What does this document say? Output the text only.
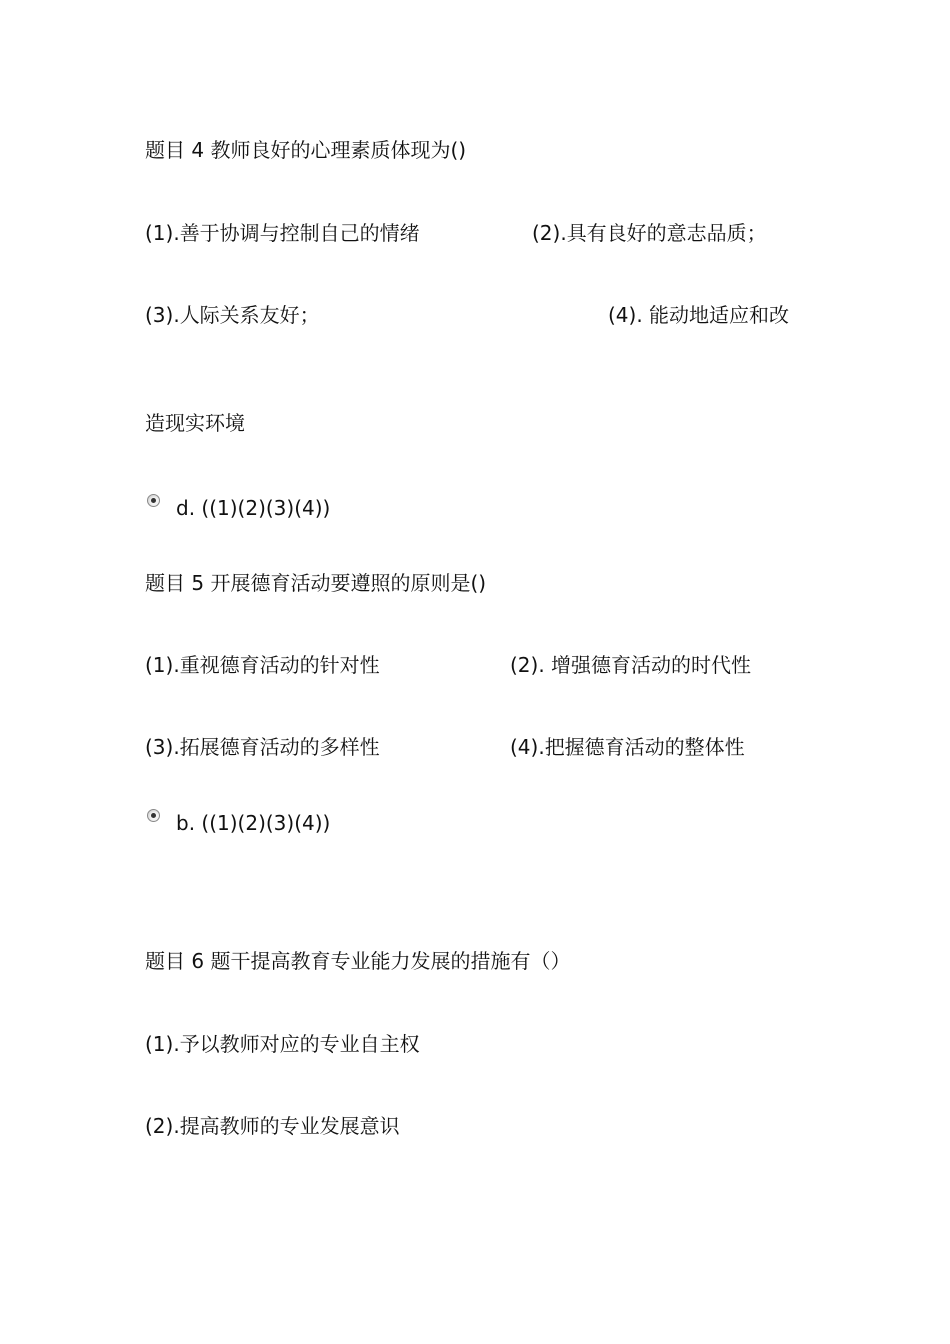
题目 4 教师良好的心理素质体现为()
(1).善于协调与控制自己的情绪	(2).具有良好的意志品质；
(3).人际关系友好；	(4). 能动地适应和改
造现实环境
d. ((1)(2)(3)(4))
题目 5 开展德育活动要遵照的原则是()
(1).重视德育活动的针对性	(2). 增强德育活动的时代性
(3).拓展德育活动的多样性	(4).把握德育活动的整体性
b. ((1)(2)(3)(4))
题目 6 题干提高教育专业能力发展的措施有（）
(1).予以教师对应的专业自主权
(2).提高教师的专业发展意识
